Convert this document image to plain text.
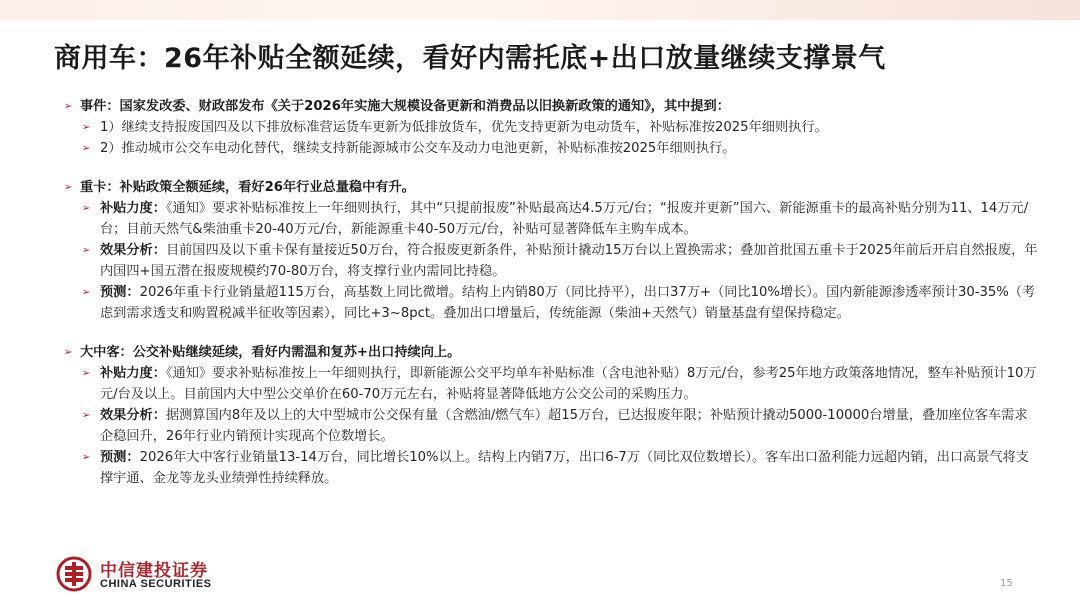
商用车：26年补贴全额延续，看好内需托底+出口放量继续支撑景气
➢ 事件：国家发改委、财政部发布《关于2026年实施大规模设备更新和消费品以旧换新政策的通知》，其中提到：
➢ 1）继续支持报废国四及以下排放标准营运货车更新为低排放货车，优先支持更新为电动货车，补贴标准按2025年细则执行。
➢ 2）推动城市公交车电动化替代，继续支持新能源城市公交车及动力电池更新，补贴标准按2025年细则执行。
➢ 重卡：补贴政策全额延续，看好26年行业总量稳中有升。
➢ 补贴力度：《通知》要求补贴标准按上一年细则执行，其中“只提前报废”补贴最高达4.5万元/台；“报废并更新”国六、新能源重卡的最高补贴分别为11、14万元/台；目前天然气&柴油重卡20-40万元/台，新能源重卡40-50万元/台，补贴可显著降低车主购车成本。
➢ 效果分析：目前国四及以下重卡保有量接近50万台，符合报废更新条件，补贴预计撬动15万台以上置换需求；叠加首批国五重卡于2025年前后开启自然报废，年内国四+国五潜在报废规模约70-80万台，将支撑行业内需同比持稳。
➢ 预测：2026年重卡行业销量超115万台，高基数上同比微增。结构上内销80万（同比持平），出口37万+（同比10%增长）。国内新能源渗透率预计30-35%（考虑到需求透支和购置税减半征收等因素），同比+3~8pct。叠加出口增量后，传统能源（柴油+天然气）销量基盘有望保持稳定。
➢ 大中客：公交补贴继续延续，看好内需温和复苏+出口持续向上。
➢ 补贴力度：《通知》要求补贴标准按上一年细则执行，即新能源公交平均单车补贴标准（含电池补贴）8万元/台，参考25年地方政策落地情况，整车补贴预计10万元/台及以上。目前国内大中型公交单价在60-70万元左右，补贴将显著降低地方公交公司的采购压力。
➢ 效果分析：据测算国内8年及以上的大中型城市公交保有量（含燃油/燃气车）超15万台，已达报废年限；补贴预计撬动5000-10000台增量，叠加座位客车需求企稳回升，26年行业内销预计实现高个位数增长。
➢ 预测：2026年大中客行业销量13-14万台，同比增长10%以上。结构上内销7万，出口6-7万（同比双位数增长）。客车出口盈利能力远超内销，出口高景气将支撑宇通、金龙等龙头业绩弹性持续释放。
中信建投证券
CHINA SECURITIES	15
